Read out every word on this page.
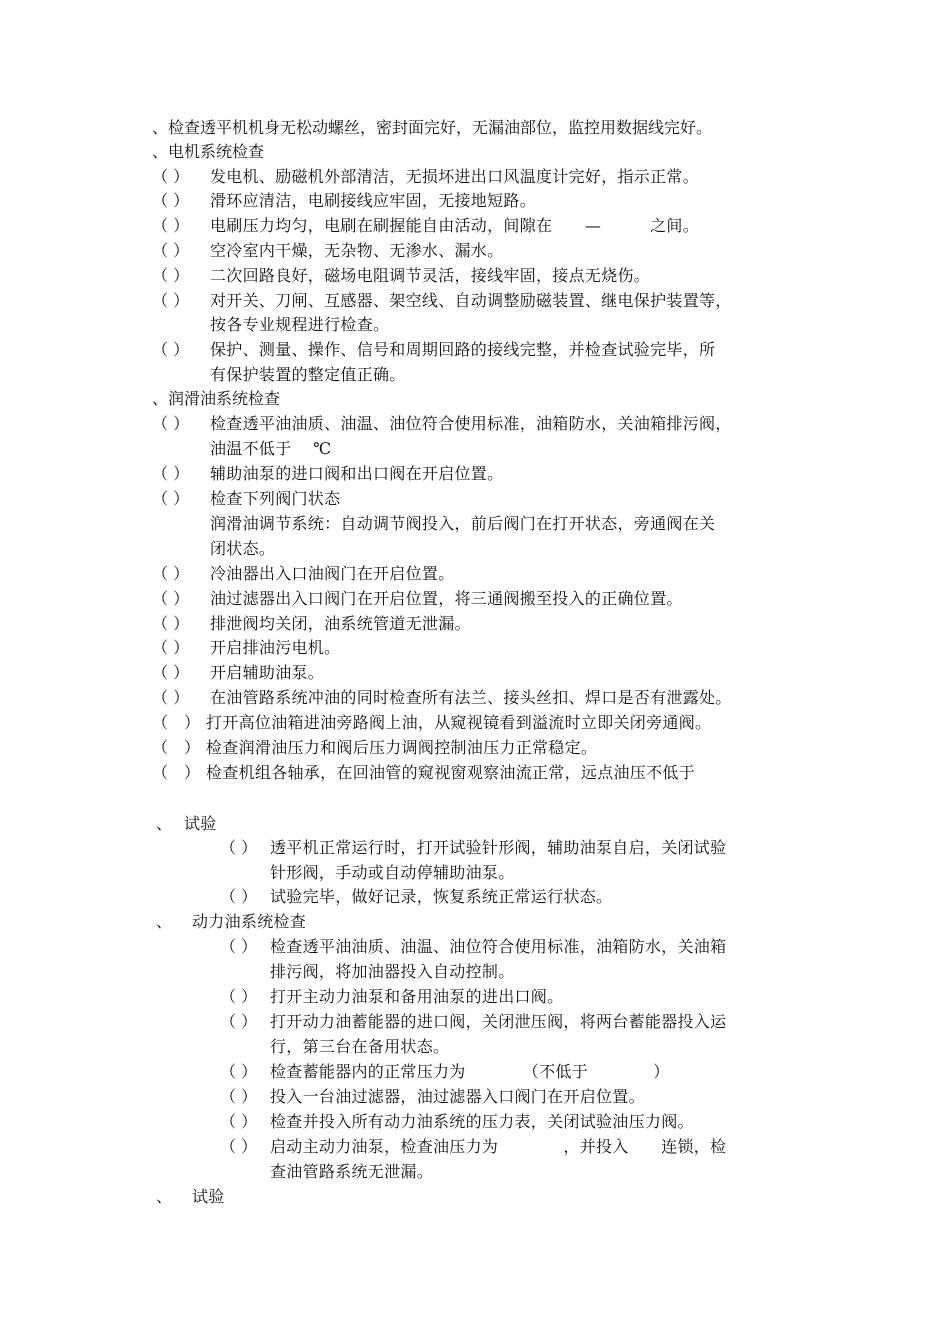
、检查透平机机身无松动螺丝，密封面完好，无漏油部位，监控用数据线完好。
、电机系统检查
（ ） 发电机、励磁机外部清洁，无损坏进出口风温度计完好，指示正常。
（ ） 滑环应清洁，电刷接线应牢固，无接地短路。
（ ） 电刷压力均匀，电刷在刷握能自由活动，间隙在　　—　　　之间。
（ ） 空冷室内干燥，无杂物、无渗水、漏水。
（ ） 二次回路良好，磁场电阻调节灵活，接线牢固，接点无烧伤。
（ ） 对开关、刀闸、互感器、架空线、自动调整励磁装置、继电保护装置等，
按各专业规程进行检查。
（ ） 保护、测量、操作、信号和周期回路的接线完整，并检查试验完毕，所
有保护装置的整定值正确。
、润滑油系统检查
（ ） 检查透平油油质、油温、油位符合使用标准，油箱防水，关油箱排污阀，
油温不低于　 ℃
（ ） 辅助油泵的进口阀和出口阀在开启位置。
（ ） 检查下列阀门状态
润滑油调节系统：自动调节阀投入，前后阀门在打开状态，旁通阀在关
闭状态。
（ ） 冷油器出入口油阀门在开启位置。
（ ） 油过滤器出入口阀门在开启位置，将三通阀搬至投入的正确位置。
（ ） 排泄阀均关闭，油系统管道无泄漏。
（ ） 开启排油污电机。
（ ） 开启辅助油泵。
（ ） 在油管路系统冲油的同时检查所有法兰、接头丝扣、焊口是否有泄露处。
（　） 打开高位油箱进油旁路阀上油，从窥视镜看到溢流时立即关闭旁通阀。
（　） 检查润滑油压力和阀后压力调阀控制油压力正常稳定。
（　） 检查机组各轴承，在回油管的窥视窗观察油流正常，远点油压不低于
、 试验
（ ） 透平机正常运行时，打开试验针形阀，辅助油泵自启，关闭试验
针形阀，手动或自动停辅助油泵。
（ ） 试验完毕，做好记录，恢复系统正常运行状态。
、 动力油系统检查
（ ） 检查透平油油质、油温、油位符合使用标准，油箱防水，关油箱
排污阀，将加油器投入自动控制。
（ ） 打开主动力油泵和备用油泵的进出口阀。
（ ） 打开动力油蓄能器的进口阀，关闭泄压阀，将两台蓄能器投入运
行，第三台在备用状态。
（ ） 检查蓄能器内的正常压力为　　　　（不低于　　　　）
（ ） 投入一台油过滤器，油过滤器入口阀门在开启位置。
（ ） 检查并投入所有动力油系统的压力表，关闭试验油压力阀。
（ ） 启动主动力油泵，检查油压力为　　　　，并投入　　连锁，检
查油管路系统无泄漏。
、 试验
